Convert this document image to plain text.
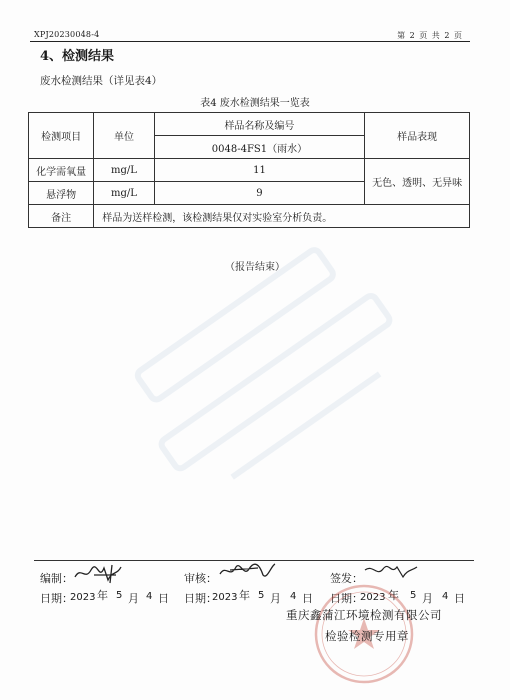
XPJ20230048-4	第 2 页 共 2 页
4、检测结果
废水检测结果（详见表4）
表4 废水检测结果一览表
检测项目	单位	样品名称及编号	样品表现
		0048-4FS1（雨水）	
化学需氧量	mg/L	11	无色、透明、无异味
悬浮物	mg/L	9	
备注	样品为送样检测，该检测结果仅对实验室分析负责。		
（报告结束）
编制：	审核：	签发：
日期：
2023 年 5 月 4 日 日期：
2023 年 5 月 4 日 日期：
2023 年 5 月 4 日
重庆鑫蒲江环境检测有限公司
检验检测专用章
